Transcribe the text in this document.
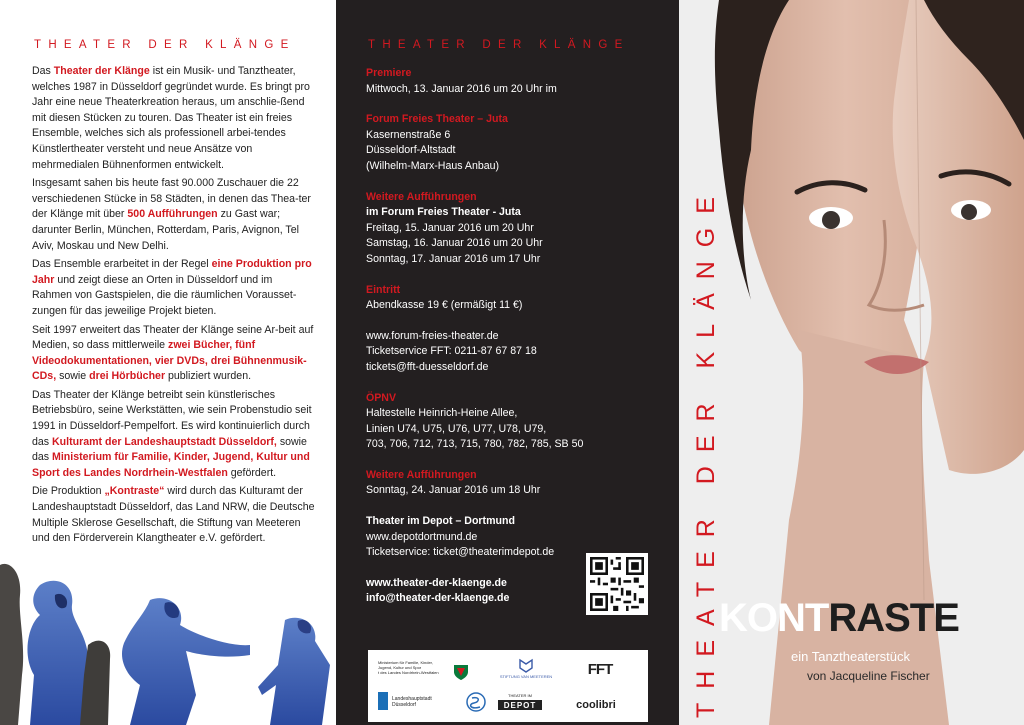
THEATER DER KLÄNGE

Das Theater der Klänge ist ein Musik- und Tanztheater, welches 1987 in Düsseldorf gegründet wurde. Es bringt pro Jahr eine neue Theaterkreation heraus, um anschlie-ßend mit diesen Stücken zu touren. Das Theater ist ein freies Ensemble, welches sich als professionell arbei-tendes Künstlertheater versteht und neue Ansätze von mehrmedialen Bühnenformen entwickelt.

Insgesamt sahen bis heute fast 90.000 Zuschauer die 22 verschiedenen Stücke in 58 Städten, in denen das Thea-ter der Klänge mit über 500 Aufführungen zu Gast war; darunter Berlin, München, Rotterdam, Paris, Avignon, Tel Aviv, Moskau und New Delhi.

Das Ensemble erarbeitet in der Regel eine Produktion pro Jahr und zeigt diese an Orten in Düsseldorf und im Rahmen von Gastspielen, die die räumlichen Vorausset-zungen für das jeweilige Projekt bieten.

Seit 1997 erweitert das Theater der Klänge seine Ar-beit auf Medien, so dass mittlerweile zwei Bücher, fünf Videodokumentationen, vier DVDs, drei Bühnenmusik-CDs, sowie drei Hörbücher publiziert wurden.

Das Theater der Klänge betreibt sein künstlerisches Betriebsbüro, seine Werkstätten, wie sein Probenstudio seit 1991 in Düsseldorf-Pempelfort. Es wird kontinuierlich durch das Kulturamt der Landeshauptstadt Düsseldorf, sowie das Ministerium für Familie, Kinder, Jugend, Kultur und Sport des Landes Nordrhein-Westfalen gefördert.

Die Produktion „Kontraste“ wird durch das Kulturamt der Landeshauptstadt Düsseldorf, das Land NRW, die Deutsche Multiple Sklerose Gesellschaft, die Stiftung van Meeteren und den Förderverein Klangtheater e.V. gefördert.

THEATER DER KLÄNGE
Premiere
Mittwoch, 13. Januar 2016 um 20 Uhr im
Forum Freies Theater – Juta
Kasernenstraße 6
Düsseldorf-Altstadt
(Wilhelm-Marx-Haus Anbau)
Weitere Aufführungen
im Forum Freies Theater - Juta
Freitag, 15. Januar 2016 um 20 Uhr
Samstag, 16. Januar 2016 um 20 Uhr
Sonntag, 17. Januar 2016 um 17 Uhr
Eintritt
Abendkasse 19 € (ermäßigt 11 €)
www.forum-freies-theater.de
Ticketservice FFT: 0211-87 67 87 18
tickets@fft-duesseldorf.de
ÖPNV
Haltestelle Heinrich-Heine Allee,
Linien U74, U75, U76, U77, U78, U79,
703, 706, 712, 713, 715, 780, 782, 785, SB 50
Weitere Aufführungen
Sonntag, 24. Januar 2016 um 18 Uhr
Theater im Depot – Dortmund
www.depotdortmund.de
Ticketservice: ticket@theaterimdepot.de
www.theater-der-klaenge.de
info@theater-der-klaenge.de
Ministerium für Familie, Kinder, Jugend, Kultur und Spor t des Landes Nordrhein-Westfalen
STIFTUNG VAN MEETEREN FFT
Landeshauptstadt Düsseldorf
THEATER IM
DEPOT	coolibri	THEATER DER KLÄNGE KONTRASTE
ein Tanztheaterstück
von Jacqueline Fischer
